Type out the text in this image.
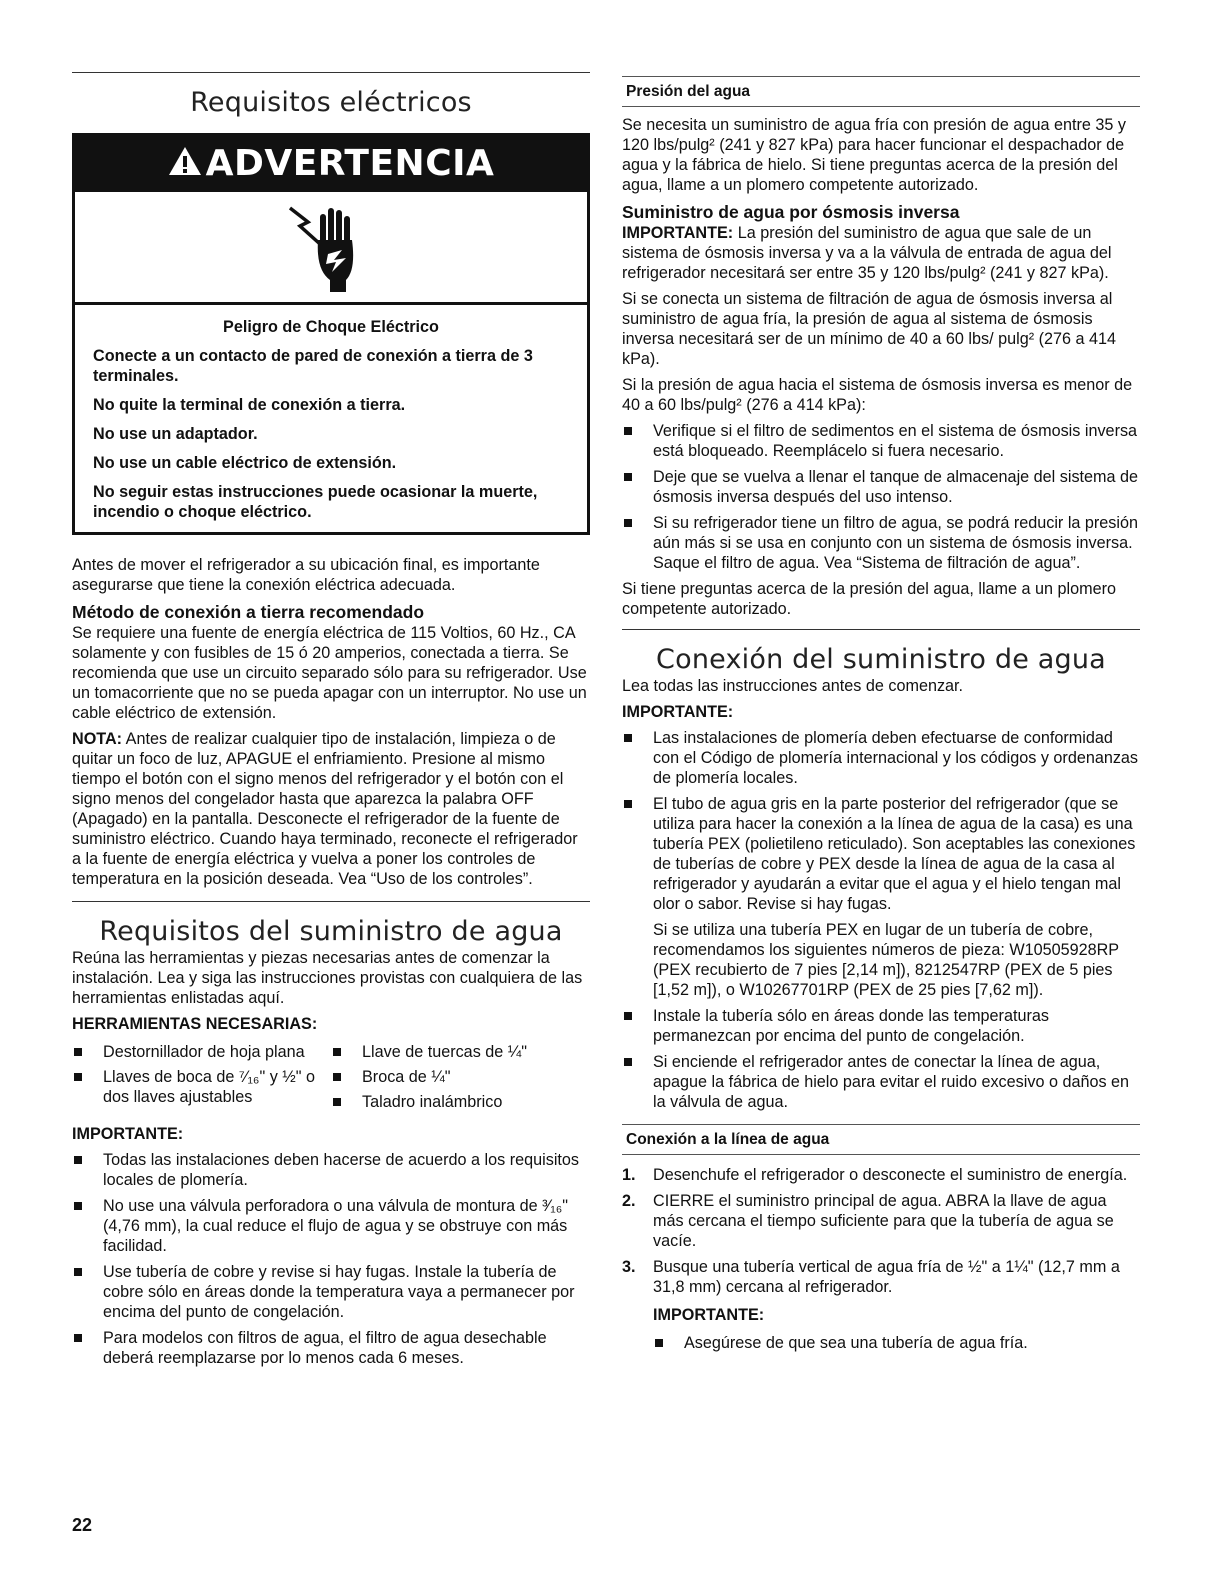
Requisitos eléctricos
ADVERTENCIA

Peligro de Choque Eléctrico

Conecte a un contacto de pared de conexión a tierra de 3 terminales.

No quite la terminal de conexión a tierra.

No use un adaptador.

No use un cable eléctrico de extensión.

No seguir estas instrucciones puede ocasionar la muerte, incendio o choque eléctrico.

Antes de mover el refrigerador a su ubicación final, es importante asegurarse que tiene la conexión eléctrica adecuada.

Método de conexión a tierra recomendado

Se requiere una fuente de energía eléctrica de 115 Voltios, 60 Hz., CA solamente y con fusibles de 15 ó 20 amperios, conectada a tierra. Se recomienda que use un circuito separado sólo para su refrigerador. Use un tomacorriente que no se pueda apagar con un interruptor. No use un cable eléctrico de extensión.

NOTA: Antes de realizar cualquier tipo de instalación, limpieza o de quitar un foco de luz, APAGUE el enfriamiento. Presione al mismo tiempo el botón con el signo menos del refrigerador y el botón con el signo menos del congelador hasta que aparezca la palabra OFF (Apagado) en la pantalla. Desconecte el refrigerador de la fuente de suministro eléctrico. Cuando haya terminado, reconecte el refrigerador a la fuente de energía eléctrica y vuelva a poner los controles de temperatura en la posición deseada. Vea “Uso de los controles”.

Requisitos del suministro de agua

Reúna las herramientas y piezas necesarias antes de comenzar la instalación. Lea y siga las instrucciones provistas con cualquiera de las herramientas enlistadas aquí.

HERRAMIENTAS NECESARIAS:

Destornillador de hoja plana
Llaves de boca de ⁷⁄₁₆" y ½" o dos llaves ajustables
Llave de tuercas de ¼"
Broca de ¼"
Taladro inalámbrico

IMPORTANTE:

Todas las instalaciones deben hacerse de acuerdo a los requisitos locales de plomería.
No use una válvula perforadora o una válvula de montura de ³⁄₁₆" (4,76 mm), la cual reduce el flujo de agua y se obstruye con más facilidad.
Use tubería de cobre y revise si hay fugas. Instale la tubería de cobre sólo en áreas donde la temperatura vaya a permanecer por encima del punto de congelación.
Para modelos con filtros de agua, el filtro de agua desechable deberá reemplazarse por lo menos cada 6 meses.
22
Presión del agua

Se necesita un suministro de agua fría con presión de agua entre 35 y 120 lbs/pulg² (241 y 827 kPa) para hacer funcionar el despachador de agua y la fábrica de hielo. Si tiene preguntas acerca de la presión del agua, llame a un plomero competente autorizado.

Suministro de agua por ósmosis inversa

IMPORTANTE: La presión del suministro de agua que sale de un sistema de ósmosis inversa y va a la válvula de entrada de agua del refrigerador necesitará ser entre 35 y 120 lbs/pulg² (241 y 827 kPa).

Si se conecta un sistema de filtración de agua de ósmosis inversa al suministro de agua fría, la presión de agua al sistema de ósmosis inversa necesitará ser de un mínimo de 40 a 60 lbs/ pulg² (276 a 414 kPa).

Si la presión de agua hacia el sistema de ósmosis inversa es menor de 40 a 60 lbs/pulg² (276 a 414 kPa):

Verifique si el filtro de sedimentos en el sistema de ósmosis inversa está bloqueado. Reemplácelo si fuera necesario.
Deje que se vuelva a llenar el tanque de almacenaje del sistema de ósmosis inversa después del uso intenso.
Si su refrigerador tiene un filtro de agua, se podrá reducir la presión aún más si se usa en conjunto con un sistema de ósmosis inversa. Saque el filtro de agua. Vea “Sistema de filtración de agua”.

Si tiene preguntas acerca de la presión del agua, llame a un plomero competente autorizado.

Conexión del suministro de agua

Lea todas las instrucciones antes de comenzar.

IMPORTANTE:

Las instalaciones de plomería deben efectuarse de conformidad con el Código de plomería internacional y los códigos y ordenanzas de plomería locales.
El tubo de agua gris en la parte posterior del refrigerador (que se utiliza para hacer la conexión a la línea de agua de la casa) es una tubería PEX (polietileno reticulado). Son aceptables las conexiones de tuberías de cobre y PEX desde la línea de agua de la casa al refrigerador y ayudarán a evitar que el agua y el hielo tengan mal olor o sabor. Revise si hay fugas.

Si se utiliza una tubería PEX en lugar de un tubería de cobre, recomendamos los siguientes números de pieza: W10505928RP (PEX recubierto de 7 pies [2,14 m]), 8212547RP (PEX de 5 pies [1,52 m]), o W10267701RP (PEX de 25 pies [7,62 m]).

Instale la tubería sólo en áreas donde las temperaturas permanezcan por encima del punto de congelación.
Si enciende el refrigerador antes de conectar la línea de agua, apague la fábrica de hielo para evitar el ruido excesivo o daños en la válvula de agua.
Conexión a la línea de agua
1. Desenchufe el refrigerador o desconecte el suministro de energía.
2. CIERRE el suministro principal de agua. ABRA la llave de agua más cercana el tiempo suficiente para que la tubería de agua se vacíe.
3. Busque una tubería vertical de agua fría de ½" a 1¼" (12,7 mm a 31,8 mm) cercana al refrigerador.

IMPORTANTE:

Asegúrese de que sea una tubería de agua fría.
